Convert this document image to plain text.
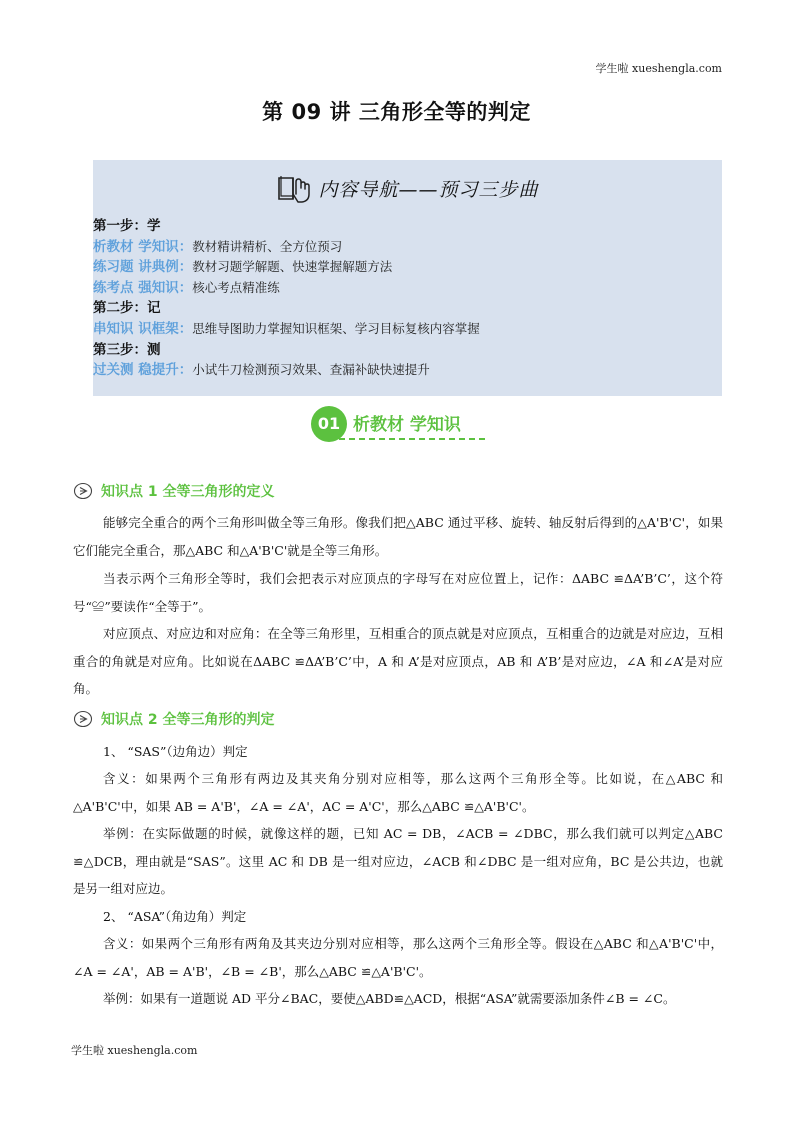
学生啦 xueshengla.com
第 09 讲 三角形全等的判定
内容导航——预习三步曲
第一步：学
析教材 学知识：教材精讲精析、全方位预习
练习题 讲典例：教材习题学解题、快速掌握解题方法
练考点 强知识：核心考点精准练
第二步：记
串知识 识框架：思维导图助力掌握知识框架、学习目标复核内容掌握
第三步：测
过关测 稳提升：小试牛刀检测预习效果、查漏补缺快速提升
01 析教材 学知识
知识点 1 全等三角形的定义
能够完全重合的两个三角形叫做全等三角形。像我们把△ABC 通过平移、旋转、轴反射后得到的△A'B'C'，如果它们能完全重合，那△ABC 和△A'B'C'就是全等三角形。
当表示两个三角形全等时，我们会把表示对应顶点的字母写在对应位置上，记作：ΔABC ≌ΔA’B’C’，这个符号“≌”要读作“全等于”。
对应顶点、对应边和对应角：在全等三角形里，互相重合的顶点就是对应顶点，互相重合的边就是对应边，互相重合的角就是对应角。比如说在ΔABC ≌ΔA’B’C’中，A 和 A’是对应顶点，AB 和 A’B’是对应边，∠A 和∠A’是对应角。
知识点 2 全等三角形的判定
1、 “SAS”（边角边）判定
含义：如果两个三角形有两边及其夹角分别对应相等，那么这两个三角形全等。比如说，在△ABC 和△A'B'C'中，如果 AB = A'B'，∠A = ∠A'，AC = A'C'，那么△ABC ≌△A'B'C'。
举例：在实际做题的时候，就像这样的题，已知 AC = DB，∠ACB = ∠DBC，那么我们就可以判定△ABC ≌△DCB，理由就是“SAS”。这里 AC 和 DB 是一组对应边，∠ACB 和∠DBC 是一组对应角，BC 是公共边，也就是另一组对应边。
2、 “ASA”（角边角）判定
含义：如果两个三角形有两角及其夹边分别对应相等，那么这两个三角形全等。假设在△ABC 和△A'B'C'中，∠A = ∠A'，AB = A'B'，∠B = ∠B'，那么△ABC ≌△A'B'C'。
举例：如果有一道题说 AD 平分∠BAC，要使△ABD≌△ACD，根据“ASA”就需要添加条件∠B = ∠C。
学生啦 xueshengla.com
